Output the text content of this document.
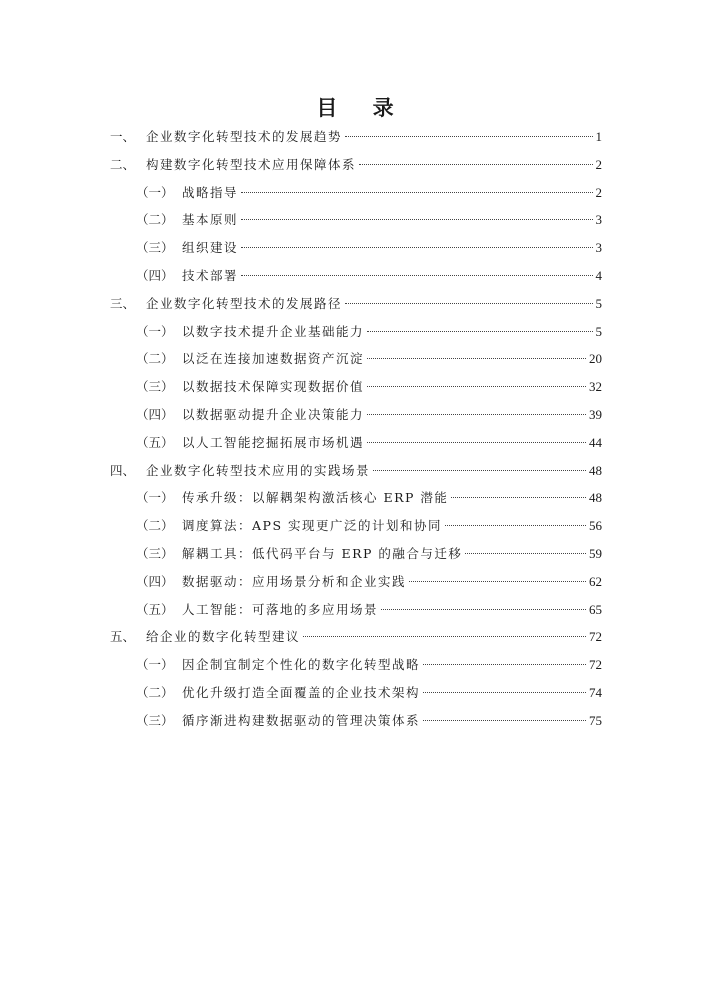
目 录
一、 企业数字化转型技术的发展趋势	1
二、 构建数字化转型技术应用保障体系	2
（一） 战略指导	2
（二） 基本原则	3
（三） 组织建设	3
（四） 技术部署	4
三、 企业数字化转型技术的发展路径	5
（一） 以数字技术提升企业基础能力	5
（二） 以泛在连接加速数据资产沉淀	20
（三） 以数据技术保障实现数据价值	32
（四） 以数据驱动提升企业决策能力	39
（五） 以人工智能挖掘拓展市场机遇	44
四、 企业数字化转型技术应用的实践场景	48
（一） 传承升级：以解耦架构激活核心 ERP 潜能	48
（二） 调度算法：APS 实现更广泛的计划和协同	56
（三） 解耦工具：低代码平台与 ERP 的融合与迁移	59
（四） 数据驱动：应用场景分析和企业实践	62
（五） 人工智能：可落地的多应用场景	65
五、 给企业的数字化转型建议	72
（一） 因企制宜制定个性化的数字化转型战略	72
（二） 优化升级打造全面覆盖的企业技术架构	74
（三） 循序渐进构建数据驱动的管理决策体系	75
